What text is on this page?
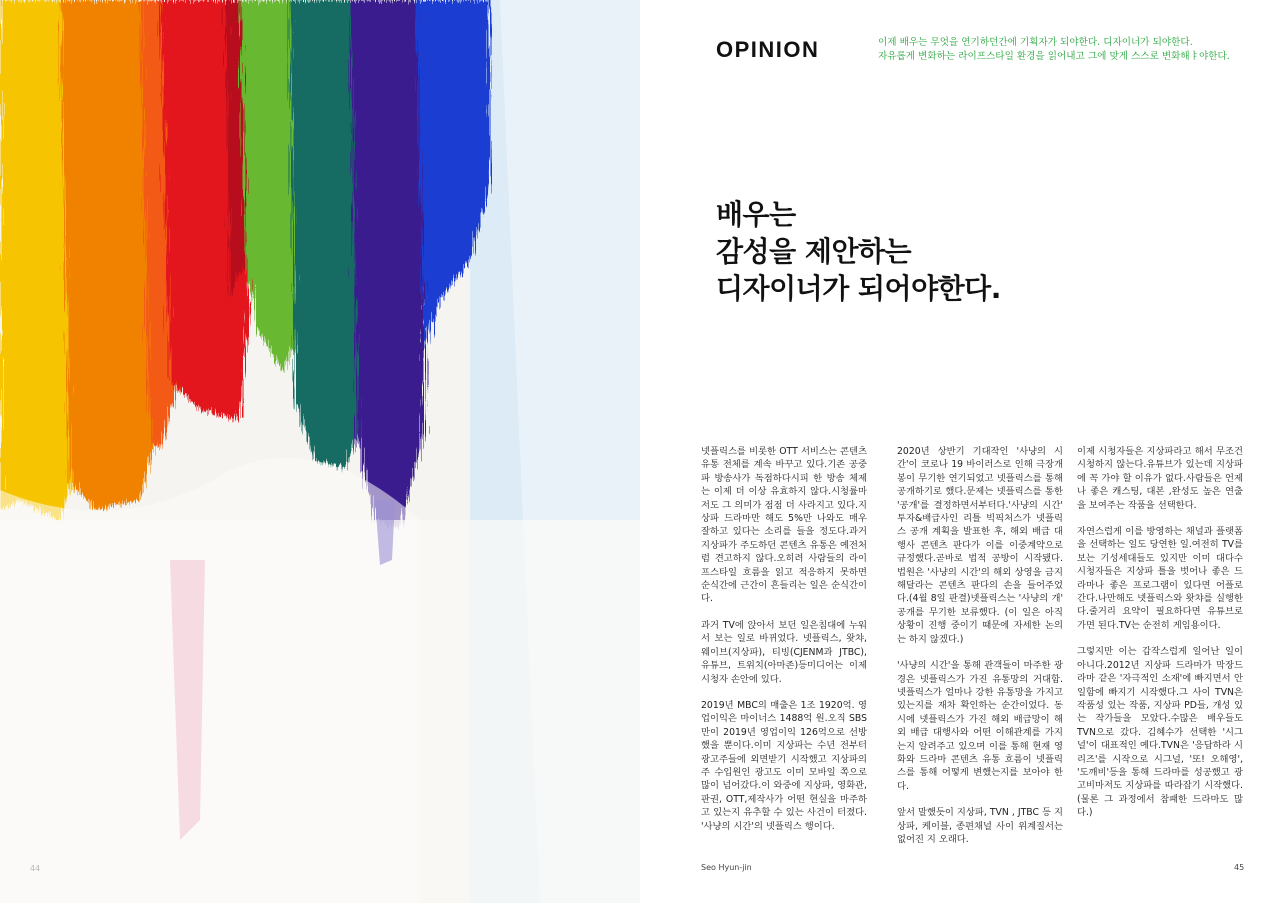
44
OPINION	이제 배우는 무엇을 연기하던간에 기획자가 되야한다. 디자이너가 되야한다.
자유롭게 변화하는 라이프스타일 환경을 읽어내고 그에 맞게 스스로 변화해ㅑ야한다.
배우는
감성을 제안하는
디자이너가 되어야한다.

넷플릭스를 비롯한 OTT 서비스는 콘텐츠 유통 전체를 계속 바꾸고 있다.기존 공중파 방송사가 독점하다시피 한 방송 체제는 이제 더 이상 유효하지 않다.시청률마저도 그 의미가 점점 더 사라지고 있다.지상파 드라마만 해도 5%만 나와도 매우 잘하고 있다는 소리를 들을 정도다.과거 지상파가 주도하던 콘텐츠 유통은 예전처럼 견고하지 않다.오히려 사람들의 라이프스타일 흐름을 읽고 적응하지 못하면 순식간에 근간이 흔들리는 일은 순식간이다.

과거 TV에 앉아서 보던 일은침대에 누워서 보는 일로 바뀌었다. 넷플릭스, 왓챠, 웨이브(지상파), 티빙(CJENM과 JTBC), 유튜브, 트위치(아마존)등미디어는 이제 시청자 손안에 있다.

2019년 MBC의 매출은 1조 1920억. 영업이익은 마이너스 1488억 원.오직 SBS만이 2019년 영업이익 126억으로 선방했을 뿐이다.이미 지상파는 수년 전부터 광고주들에 외면받기 시작했고 지상파의 주 수입원인 광고도 이미 모바일 쪽으로 많이 넘어갔다.이 와중에 지상파, 영화관, 판권, OTT,제작사가 어떤 현실을 마주하고 있는지 유추할 수 있는 사건이 터졌다. '사냥의 시간'의 넷플릭스 행이다.

2020년 상반기 기대작인 '사냥의 시간'이 코로나 19 바이러스로 인해 극장개봉이 무기한 연기되었고 넷플릭스를 통해 공개하기로 했다.문제는 넷플릭스를 통한 '공개'를 결정하면서부터다.'사냥의 시간' 투자&배급사인 리틀 빅픽처스가 넷플릭스 공개 계획을 발표한 후, 해외 배급 대행사 콘텐츠 판다가 이를 이중계약으로 규정했다.곧바로 법적 공방이 시작됐다. 법원은 '사냥의 시간'의 해외 상영을 금지해달라는 콘텐츠 판다의 손을 들어주었다.(4월 8일 판결)넷플릭스는 '사냥의 개' 공개를 무기한 보류했다. (이 일은 아직 상황이 진행 중이기 때문에 자세한 논의는 하지 않겠다.)

'사냥의 시간'을 통해 관객들이 마주한 광경은 넷플릭스가 가진 유통망의 거대함.넷플릭스가 얼마나 강한 유통망을 가지고 있는지를 재차 확인하는 순간이었다. 동시에 넷플릭스가 가진 해외 배급망이 해외 배급 대행사와 어떤 이해관계를 가지는지 알려주고 있으며 이를 통해 현재 영화와 드라마 콘텐츠 유통 흐름이 넷플릭스를 통해 어떻게 변했는지를 보아야 한다.

앞서 말했듯이 지상파, TVN , JTBC 등 지상파, 케이블, 종편채널 사이 위계질서는 없어진 지 오래다.

이제 시청자들은 지상파라고 해서 무조건 시청하지 않는다.유튜브가 있는데 지상파에 꼭 가야 할 이유가 없다.사람들은 언제나 좋은 캐스팅, 대본 ,완성도 높은 연출을 보여주는 작품을 선택한다.

자연스럽게 이를 방영하는 채널과 플랫폼을 선택하는 일도 당연한 일.여전히 TV를 보는 기성세대들도 있지만 이미 대다수 시청자들은 지상파 틀을 벗어나 좋은 드라마나 좋은 프로그램이 있다면 어플로 간다.나만해도 넷플릭스와 왓챠를 실행한다.줄거리 요약이 필요하다면 유튜브로 가면 된다.TV는 순전히 게임용이다.

그렇지만 이는 갑작스럽게 일어난 일이 아니다.2012년 지상파 드라마가 막장드라마 같은 '자극적인 소재'에 빠지면서 안일함에 빠지기 시작했다.그 사이 TVN은 작품성 있는 작품, 지상파 PD들, 개성 있는 작가들을 모았다.수많은 배우들도 TVN으로 갔다. 김혜수가 선택한 '시그널'이 대표적인 예다.TVN은 '응답하라 시리즈'를 시작으로 시그널, '또! 오해영', '도깨비'등을 통해 드라마를 성공했고 광고비마저도 지상파를 따라잡기 시작했다.(물론 그 과정에서 참패한 드라마도 많다.)

Seo Hyun-jin	45
